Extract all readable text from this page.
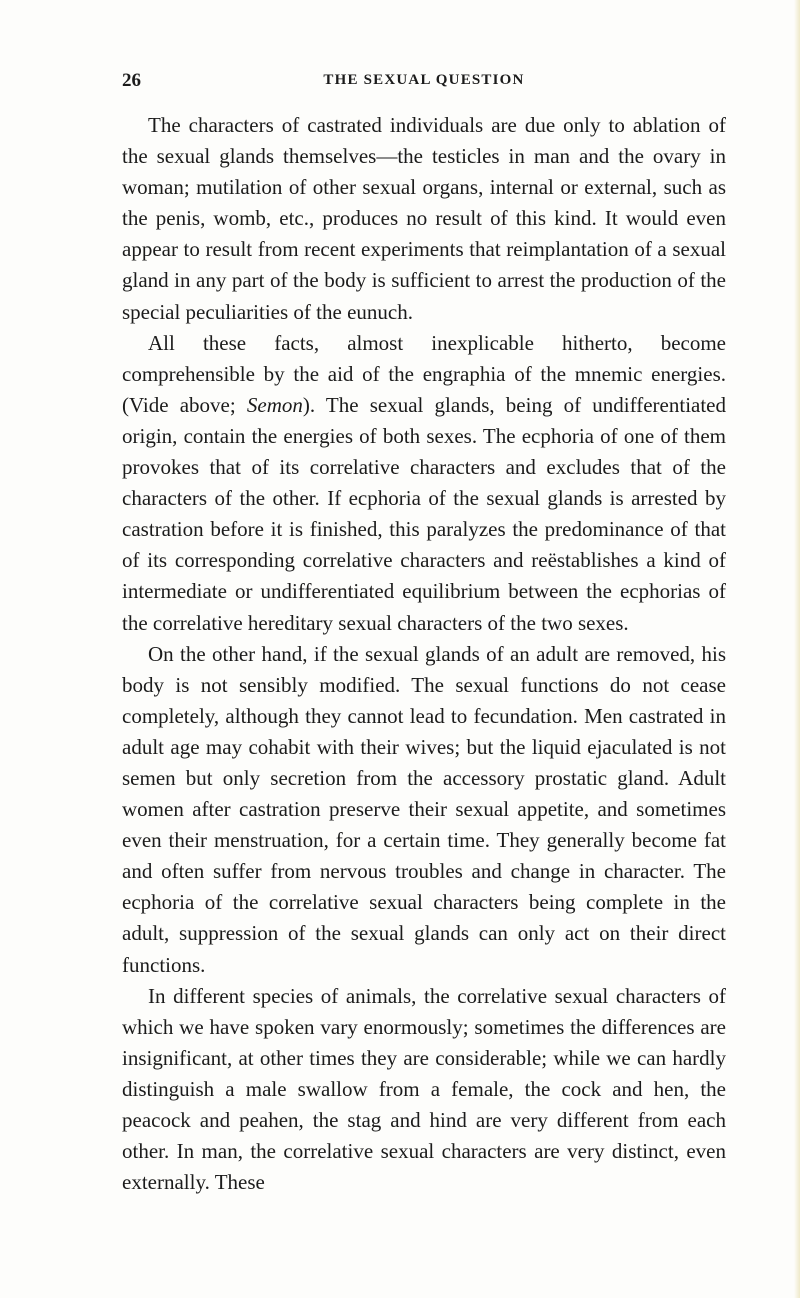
26	THE SEXUAL QUESTION

The characters of castrated individuals are due only to ablation of the sexual glands themselves—the testicles in man and the ovary in woman; mutilation of other sexual organs, internal or external, such as the penis, womb, etc., produces no result of this kind. It would even appear to result from recent experiments that reimplantation of a sexual gland in any part of the body is sufficient to arrest the production of the special peculiarities of the eunuch.

All these facts, almost inexplicable hitherto, become comprehensible by the aid of the engraphia of the mnemic energies. (Vide above; Semon). The sexual glands, being of undifferentiated origin, contain the energies of both sexes. The ecphoria of one of them provokes that of its correlative characters and excludes that of the characters of the other. If ecphoria of the sexual glands is arrested by castration before it is finished, this paralyzes the predominance of that of its corresponding correlative characters and reëstablishes a kind of intermediate or undifferentiated equilibrium between the ecphorias of the correlative hereditary sexual characters of the two sexes.

On the other hand, if the sexual glands of an adult are removed, his body is not sensibly modified. The sexual functions do not cease completely, although they cannot lead to fecundation. Men castrated in adult age may cohabit with their wives; but the liquid ejaculated is not semen but only secretion from the accessory prostatic gland. Adult women after castration preserve their sexual appetite, and sometimes even their menstruation, for a certain time. They generally become fat and often suffer from nervous troubles and change in character. The ecphoria of the correlative sexual characters being complete in the adult, suppression of the sexual glands can only act on their direct functions.

In different species of animals, the correlative sexual characters of which we have spoken vary enormously; sometimes the differences are insignificant, at other times they are considerable; while we can hardly distinguish a male swallow from a female, the cock and hen, the peacock and peahen, the stag and hind are very different from each other. In man, the correlative sexual characters are very distinct, even externally. These
